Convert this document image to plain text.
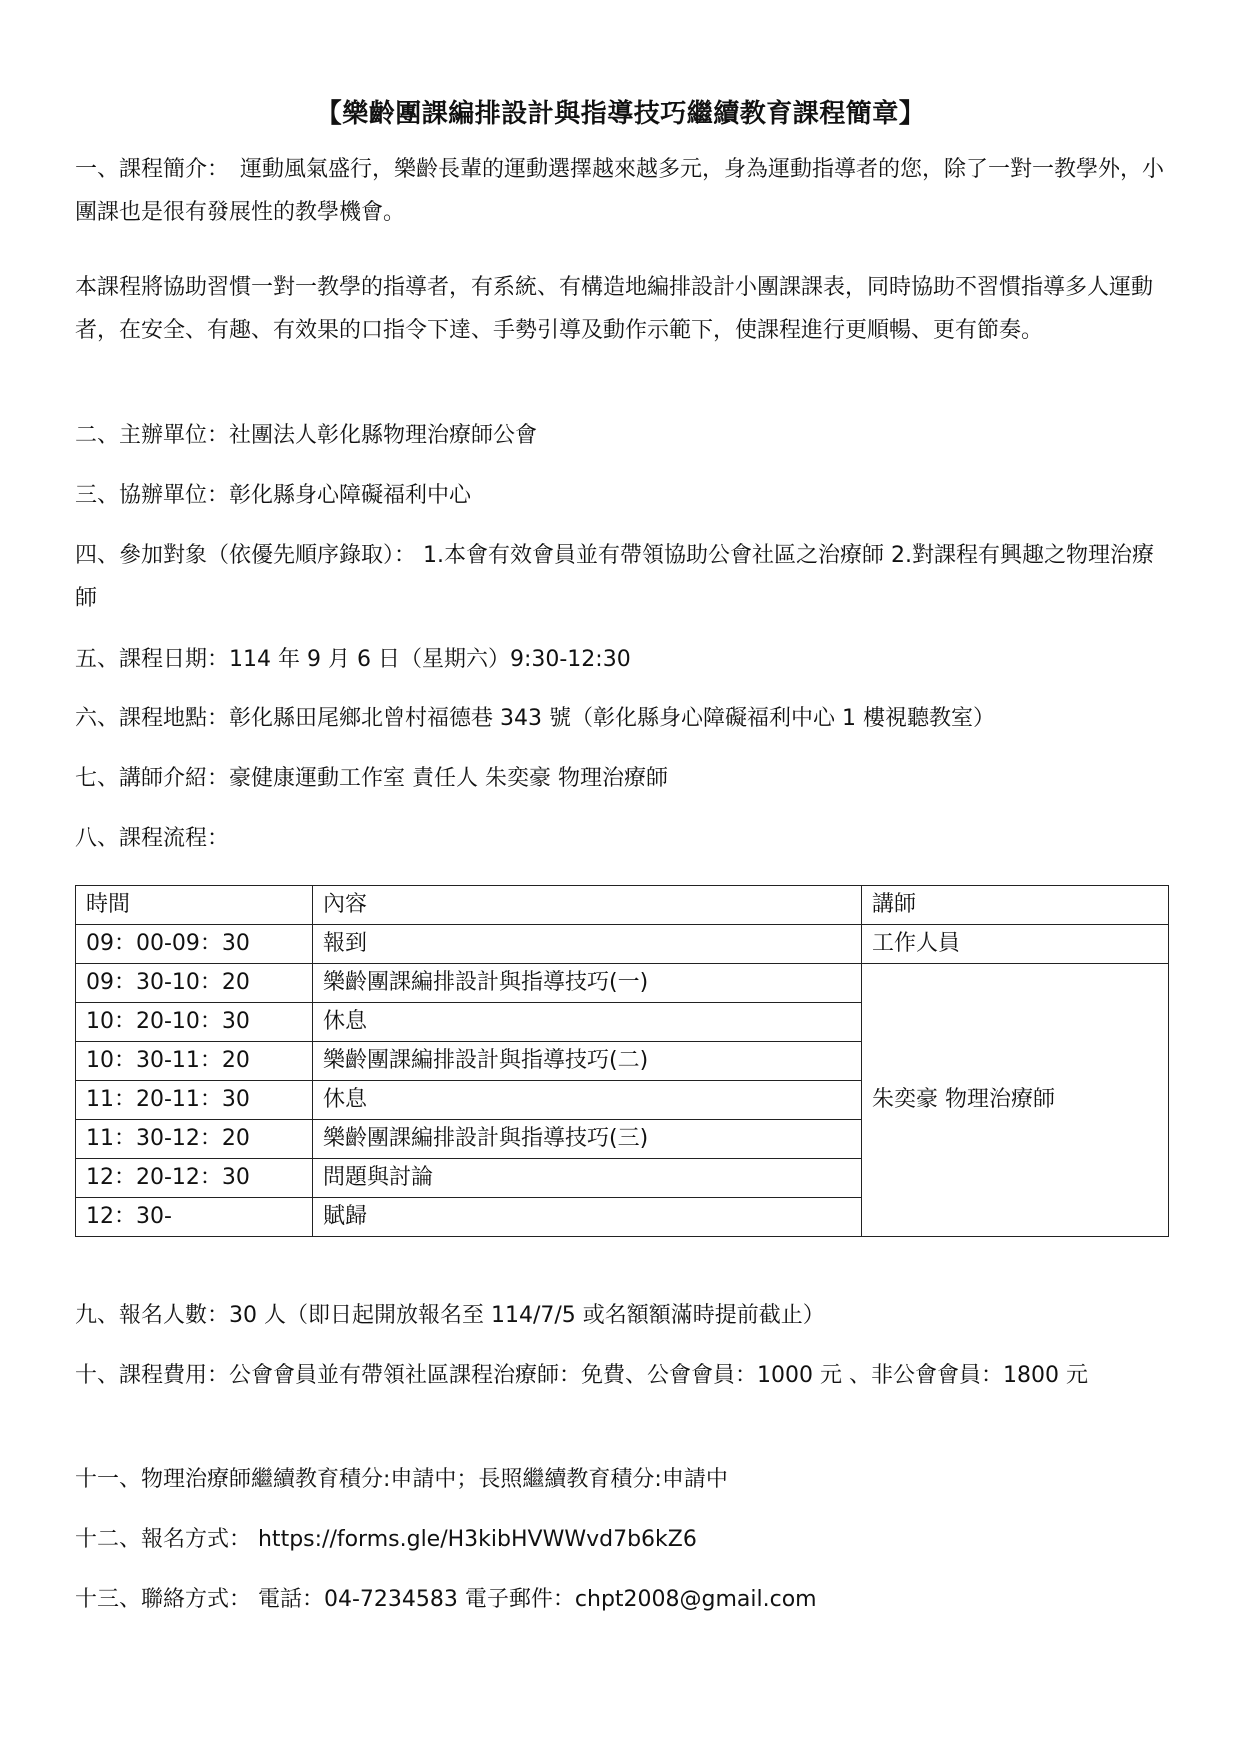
【樂齡團課編排設計與指導技巧繼續教育課程簡章】

一、課程簡介：　運動風氣盛行，樂齡長輩的運動選擇越來越多元，身為運動指導者的您，除了一對一教學外，小團課也是很有發展性的教學機會。

本課程將協助習慣一對一教學的指導者，有系統、有構造地編排設計小團課課表，同時協助不習慣指導多人運動者，在安全、有趣、有效果的口指令下達、手勢引導及動作示範下，使課程進行更順暢、更有節奏。

二、主辦單位：社團法人彰化縣物理治療師公會

三、協辦單位：彰化縣身心障礙福利中心

四、參加對象（依優先順序錄取）： 1.本會有效會員並有帶領協助公會社區之治療師 2.對課程有興趣之物理治療師

五、課程日期：114 年 9 月 6 日（星期六）9:30-12:30

六、課程地點：彰化縣田尾鄉北曾村福德巷 343 號（彰化縣身心障礙福利中心 1 樓視聽教室）

七、講師介紹：豪健康運動工作室 責任人 朱奕豪 物理治療師

八、課程流程：

時間	內容	講師
09：00-09：30	報到	工作人員
09：30-10：20	樂齡團課編排設計與指導技巧(一)	朱奕豪 物理治療師
10：20-10：30	休息	
10：30-11：20	樂齡團課編排設計與指導技巧(二)	
11：20-11：30	休息	
11：30-12：20	樂齡團課編排設計與指導技巧(三)	
12：20-12：30	問題與討論	
12：30-	賦歸	

九、報名人數：30 人（即日起開放報名至 114/7/5 或名額額滿時提前截止）

十、課程費用：公會會員並有帶領社區課程治療師：免費、公會會員：1000 元 、非公會會員：1800 元

十一、物理治療師繼續教育積分:申請中；長照繼續教育積分:申請中

十二、報名方式： https://forms.gle/H3kibHVWWvd7b6kZ6

十三、聯絡方式： 電話：04-7234583 電子郵件：chpt2008@gmail.com
